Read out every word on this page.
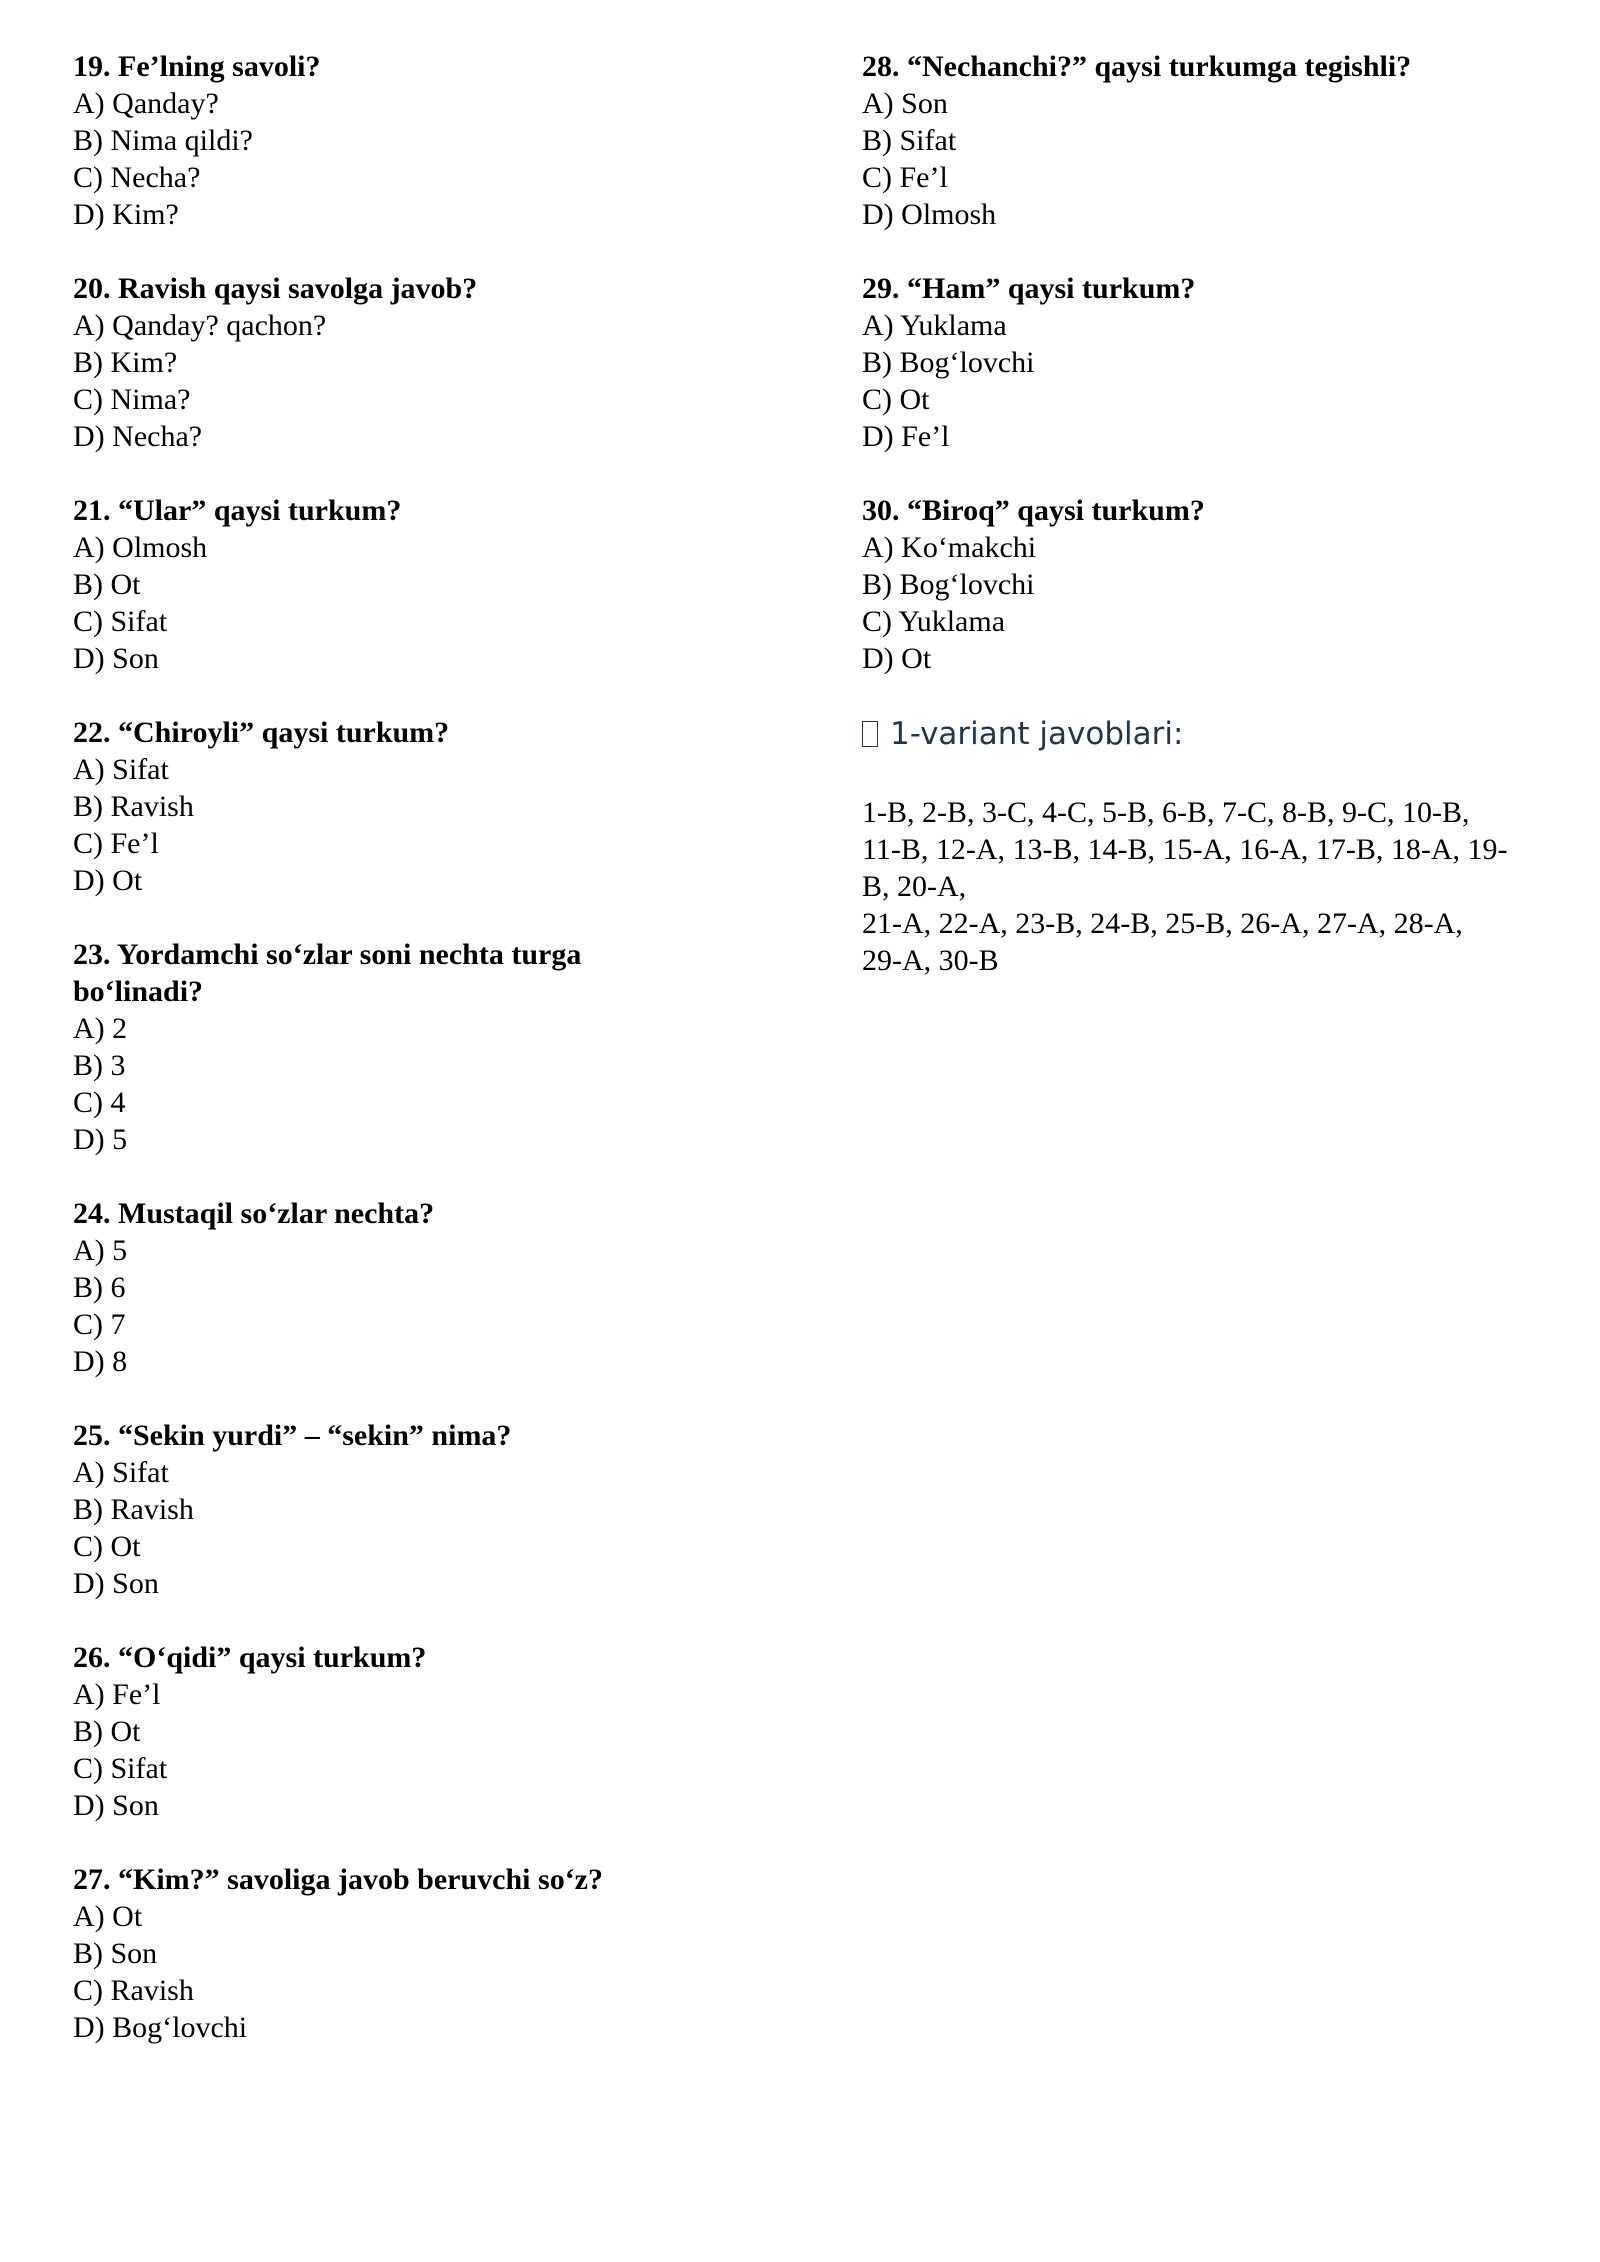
19. Fe’lning savoli?

A) Qanday?

B) Nima qildi?

C) Necha?

D) Kim?

20. Ravish qaysi savolga javob?

A) Qanday? qachon?

B) Kim?

C) Nima?

D) Necha?

21. “Ular” qaysi turkum?

A) Olmosh

B) Ot

C) Sifat

D) Son

22. “Chiroyli” qaysi turkum?

A) Sifat

B) Ravish

C) Fe’l

D) Ot

23. Yordamchi so‘zlar soni nechta turga bo‘linadi?

A) 2

B) 3

C) 4

D) 5

24. Mustaqil so‘zlar nechta?

A) 5

B) 6

C) 7

D) 8

25. “Sekin yurdi” – “sekin” nima?

A) Sifat

B) Ravish

C) Ot

D) Son

26. “O‘qidi” qaysi turkum?

A) Fe’l

B) Ot

C) Sifat

D) Son

27. “Kim?” savoliga javob beruvchi so‘z?

A) Ot

B) Son

C) Ravish

D) Bog‘lovchi

28. “Nechanchi?” qaysi turkumga tegishli?

A) Son

B) Sifat

C) Fe’l

D) Olmosh

29. “Ham” qaysi turkum?

A) Yuklama

B) Bog‘lovchi

C) Ot

D) Fe’l

30. “Biroq” qaysi turkum?

A) Ko‘makchi

B) Bog‘lovchi

C) Yuklama

D) Ot

1-variant javoblari:
1-B, 2-B, 3-C, 4-C, 5-B, 6-B, 7-C, 8-B, 9-C, 10-B,
11-B, 12-A, 13-B, 14-B, 15-A, 16-A, 17-B, 18-A, 19-
B, 20-A,
21-A, 22-A, 23-B, 24-B, 25-B, 26-A, 27-A, 28-A,
29-A, 30-B
